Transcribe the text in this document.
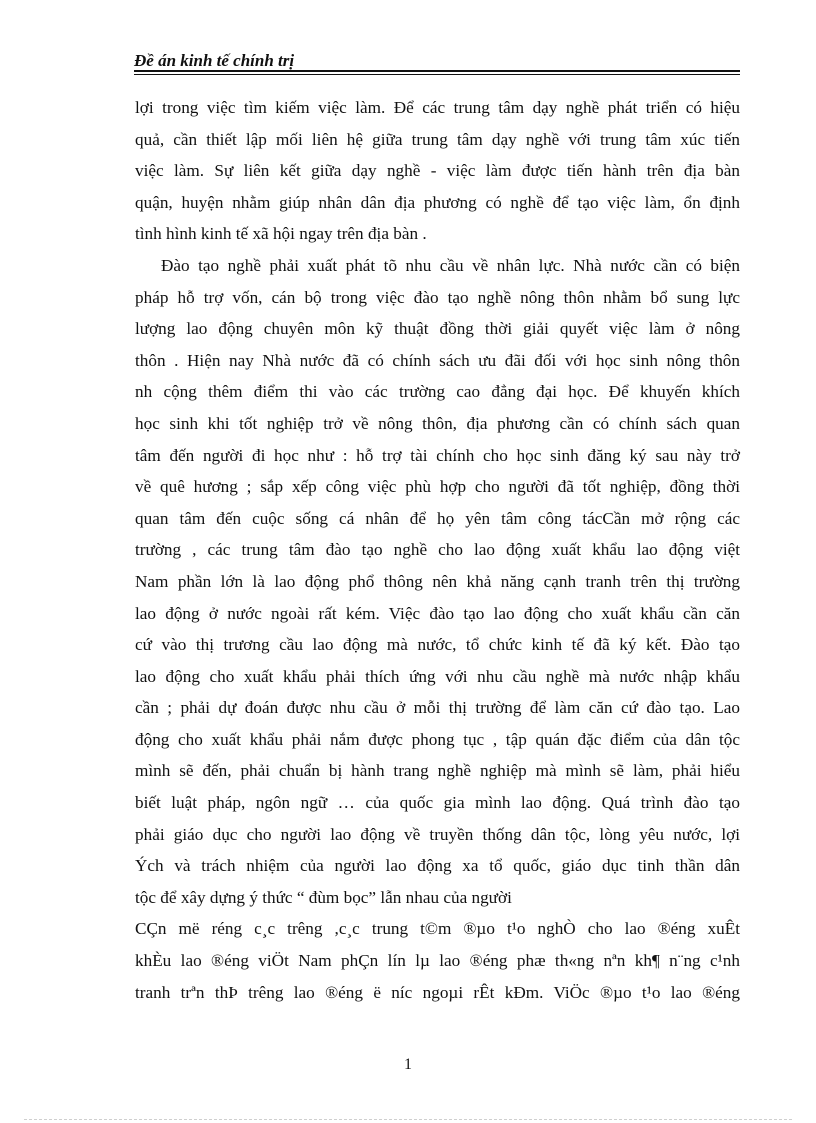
Đề án kinh tế chính trị
lợi trong việc tìm kiếm việc làm. Để các trung tâm dạy nghề phát triển có hiệu
quả, cần thiết lập mối liên hệ giữa trung tâm dạy nghề với trung tâm xúc tiến
việc làm. Sự liên kết giữa dạy nghề - việc làm được tiến hành trên địa bàn
quận, huyện nhằm giúp nhân dân địa phương có nghề để tạo việc làm, ổn định
tình hình kinh tế xã hội ngay trên địa bàn .
Đào tạo nghề phải xuất phát tõ nhu cầu về nhân lực. Nhà nước cần có biện
pháp hỗ trợ vốn, cán bộ trong việc đào tạo nghề nông thôn nhằm bổ sung lực
lượng lao động chuyên môn kỹ thuật đồng thời giải quyết việc làm ở nông
thôn . Hiện nay Nhà nước đã có chính sách ưu đãi đối với học sinh nông thôn
nh cộng thêm điểm thi vào các trường cao đẳng đại học. Để khuyến khích
học sinh khi tốt nghiệp trở về nông thôn, địa phương cần có chính sách quan
tâm đến người đi học như : hỗ trợ tài chính cho học sinh đăng ký sau này trở
về quê hương ; sắp xếp công việc phù hợp cho người đã tốt nghiệp, đồng thời
quan tâm đến cuộc sống cá nhân để họ yên tâm công tácCần mở rộng các
trường , các trung tâm đào tạo nghề cho lao động xuất khẩu lao động việt
Nam phần lớn là lao động phổ thông nên khả năng cạnh tranh trên thị trường
lao động ở nước ngoài rất kém. Việc đào tạo lao động cho xuất khẩu cần căn
cứ vào thị trương cầu lao động mà nước, tổ chức kinh tế đã ký kết. Đào tạo
lao động cho xuất khẩu phải thích ứng với nhu cầu nghề mà nước nhập khẩu
cần ; phải dự đoán được nhu cầu ở mỗi thị trường để làm căn cứ đào tạo. Lao
động cho xuất khẩu phải nắm được phong tục , tập quán đặc điểm của dân tộc
mình sẽ đến, phải chuẩn bị hành trang nghề nghiệp mà mình sẽ làm, phải hiểu
biết luật pháp, ngôn ngữ … của quốc gia mình lao động. Quá trình đào tạo
phải giáo dục cho người lao động về truyền thống dân tộc, lòng yêu nước, lợi
Ých và trách nhiệm của người lao động xa tổ quốc, giáo dục tinh thần dân
tộc để xây dựng ý thức “ đùm bọc” lẫn nhau của người
CÇn më réng c¸c trêng ,c¸c trung t©m ®µo t¹o nghÒ cho lao ®éng xuÊt
khÈu lao ®éng viÖt Nam phÇn lín lµ lao ®éng phæ th«ng nªn kh¶ n¨ng c¹nh
tranh trªn thÞ trêng lao ®éng ë níc ngoµi rÊt kÐm. ViÖc ®µo t¹o lao ®éng
1
